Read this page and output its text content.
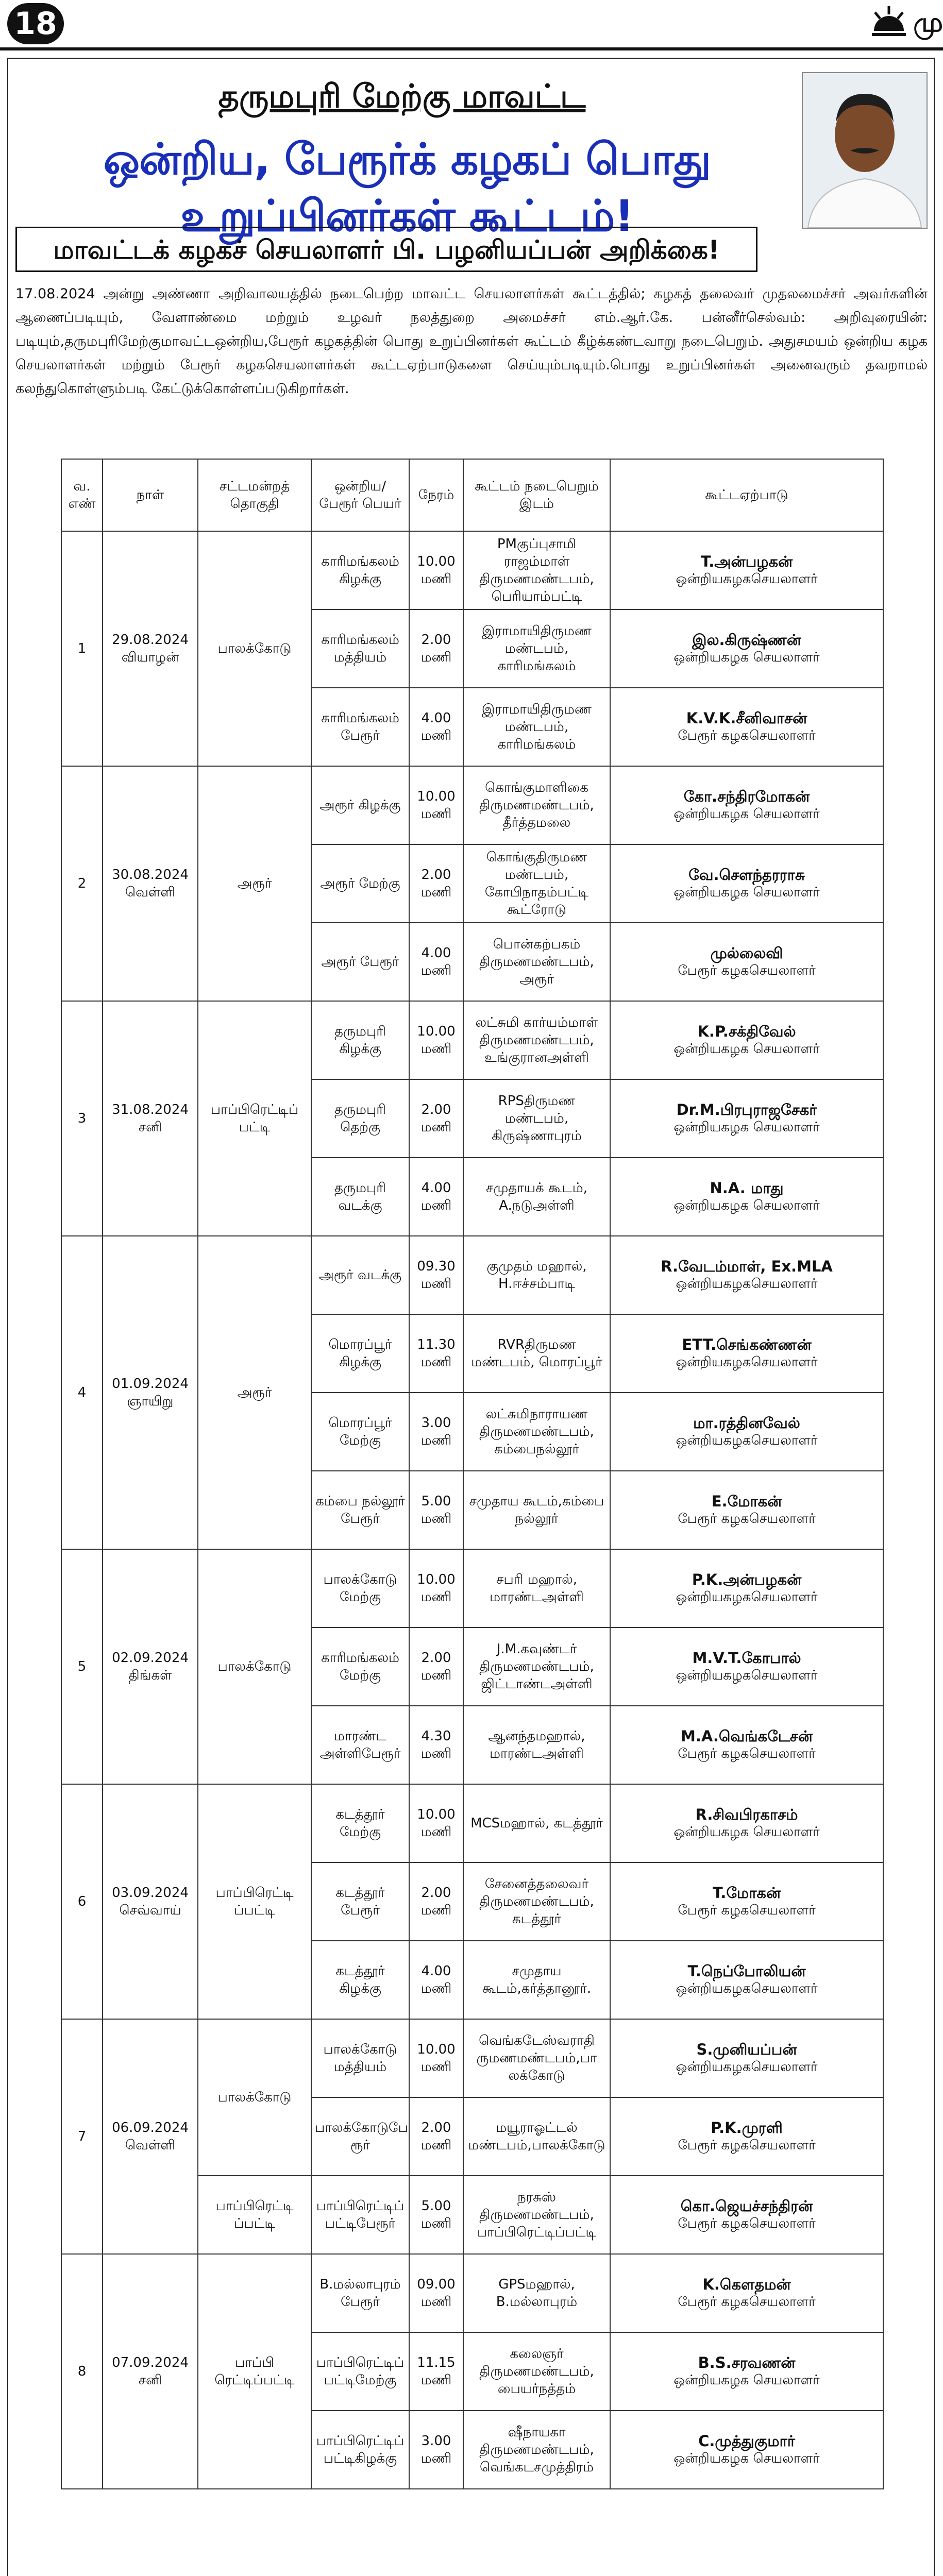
18	மு
தருமபுரி மேற்கு மாவட்ட
ஒன்றிய, பேரூர்க் கழகப் பொது உறுப்பினர்கள் கூட்டம்!
மாவட்டக் கழகச் செயலாளர் பி. பழனியப்பன் அறிக்கை!
17.08.2024 அன்று அண்ணா அறிவாலயத்தில் நடைபெற்ற மாவட்ட செயலாளர்கள் கூட்டத்தில்; கழகத் தலைவர் முதலமைச்சர் அவர்களின் ஆணைப்படியும், வேளாண்மை மற்றும் உழவர் நலத்துறை அமைச்சர் எம்.ஆர்.கே. பன்னீர்செல்வம்: அறிவுரையின்: படியும்,தருமபுரிமேற்குமாவட்டஒன்றிய,பேரூர் கழகத்தின் பொது உறுப்பினர்கள் கூட்டம் கீழ்க்கண்டவாறு நடைபெறும். அதுசமயம் ஒன்றிய கழக செயலாளர்கள் மற்றும் பேரூர் கழகசெயலாளர்கள் கூட்டஏற்பாடுகளை செய்யும்படியும்.பொது உறுப்பினர்கள் அனைவரும் தவறாமல் கலந்துகொள்ளும்படி கேட்டுக்கொள்ளப்படுகிறார்கள்.
வ. எண்	நாள்	சட்டமன்றத் தொகுதி	ஒன்றிய/ பேரூர் பெயர்	நேரம்	கூட்டம் நடைபெறும் இடம்	கூட்டஏற்பாடு
1	29.08.2024 வியாழன்	பாலக்கோடு	காரிமங்கலம் கிழக்கு	10.00 மணி	PMகுப்புசாமி ராஜம்மாள் திருமணமண்டபம், பெரியாம்பட்டி	T.அன்பழகன்
ஒன்றியகழகசெயலாளர்
			காரிமங்கலம் மத்தியம்	2.00 மணி	இராமாயிதிருமண மண்டபம், காரிமங்கலம்	இல.கிருஷ்ணன்
ஒன்றியகழக செயலாளர்
			காரிமங்கலம் பேரூர்	4.00 மணி	இராமாயிதிருமண மண்டபம், காரிமங்கலம்	K.V.K.சீனிவாசன்
பேரூர் கழகசெயலாளர்
2	30.08.2024 வெள்ளி	அரூர்	அரூர் கிழக்கு	10.00 மணி	கொங்குமாளிகை திருமணமண்டபம், தீர்த்தமலை	கோ.சந்திரமோகன்
ஒன்றியகழக செயலாளர்
			அரூர் மேற்கு	2.00 மணி	கொங்குதிருமண மண்டபம், கோபிநாதம்பட்டி கூட்ரோடு	வே.சௌந்தரராசு
ஒன்றியகழக செயலாளர்
			அரூர் பேரூர்	4.00 மணி	பொன்கற்பகம் திருமணமண்டபம், அரூர்	முல்லைவி
பேரூர் கழகசெயலாளர்
3	31.08.2024 சனி	பாப்பிரெட்டிப் பட்டி	தருமபுரி கிழக்கு	10.00 மணி	லட்சுமி கார்யம்மாள் திருமணமண்டபம், உங்குரானஅள்ளி	K.P.சக்திவேல்
ஒன்றியகழக செயலாளர்
			தருமபுரி தெற்கு	2.00 மணி	RPSதிருமண மண்டபம், கிருஷ்ணாபுரம்	Dr.M.பிரபுராஜசேகர்
ஒன்றியகழக செயலாளர்
			தருமபுரி வடக்கு	4.00 மணி	சமுதாயக் கூடம், A.நடுஅள்ளி	N.A. மாது
ஒன்றியகழக செயலாளர்
4	01.09.2024 ஞாயிறு	அரூர்	அரூர் வடக்கு	09.30 மணி	குமுதம் மஹால், H.ஈச்சம்பாடி	R.வேடம்மாள், Ex.MLA
ஒன்றியகழகசெயலாளர்
			மொரப்பூர் கிழக்கு	11.30 மணி	RVRதிருமண மண்டபம், மொரப்பூர்	ETT.செங்கண்ணன்
ஒன்றியகழகசெயலாளர்
			மொரப்பூர் மேற்கு	3.00 மணி	லட்சுமிநாராயண திருமணமண்டபம், கம்பைநல்லூர்	மா.ரத்தினவேல்
ஒன்றியகழகசெயலாளர்
			கம்பை நல்லூர் பேரூர்	5.00 மணி	சமுதாய கூடம்,கம்பை நல்லூர்	E.மோகன்
பேரூர் கழகசெயலாளர்
5	02.09.2024 திங்கள்	பாலக்கோடு	பாலக்கோடு மேற்கு	10.00 மணி	சபரி மஹால், மாரண்டஅள்ளி	P.K.அன்பழகன்
ஒன்றியகழகசெயலாளர்
			காரிமங்கலம் மேற்கு	2.00 மணி	J.M.கவுண்டர் திருமணமண்டபம், ஜிட்டாண்டஅள்ளி	M.V.T.கோபால்
ஒன்றியகழகசெயலாளர்
			மாரண்ட அள்ளிபேரூர்	4.30 மணி	ஆனந்தமஹால், மாரண்டஅள்ளி	M.A.வெங்கடேசன்
பேரூர் கழகசெயலாளர்
6	03.09.2024 செவ்வாய்	பாப்பிரெட்டி ப்பட்டி	கடத்தூர் மேற்கு	10.00 மணி	MCSமஹால், கடத்தூர்	R.சிவபிரகாசம்
ஒன்றியகழக செயலாளர்
			கடத்தூர் பேரூர்	2.00 மணி	சேனைத்தலைவர் திருமணமண்டபம், கடத்தூர்	T.மோகன்
பேரூர் கழகசெயலாளர்
			கடத்தூர் கிழக்கு	4.00 மணி	சமுதாய கூடம்,கர்த்தானூர்.	T.நெப்போலியன்
ஒன்றியகழகசெயலாளர்
7	06.09.2024 வெள்ளி	பாலக்கோடு	பாலக்கோடு மத்தியம்	10.00 மணி	வெங்கடேஸ்வராதி ருமணமண்டபம்,பா லக்கோடு	S.முனியப்பன்
ஒன்றியகழகசெயலாளர்
			பாலக்கோடுபே ரூர்	2.00 மணி	மயூராஓட்டல் மண்டபம்,பாலக்கோடு	P.K.முரளி
பேரூர் கழகசெயலாளர்
		பாப்பிரெட்டி ப்பட்டி	பாப்பிரெட்டிப் பட்டிபேரூர்	5.00 மணி	நரசுஸ் திருமணமண்டபம், பாப்பிரெட்டிப்பட்டி	கொ.ஜெயச்சந்திரன்
பேரூர் கழகசெயலாளர்
8	07.09.2024 சனி	பாப்பி ரெட்டிப்பட்டி	B.மல்லாபுரம் பேரூர்	09.00 மணி	GPSமஹால், B.மல்லாபுரம்	K.கௌதமன்
பேரூர் கழகசெயலாளர்
			பாப்பிரெட்டிப் பட்டிமேற்கு	11.15 மணி	கலைஞர் திருமணமண்டபம், பையர்நத்தம்	B.S.சரவணன்
ஒன்றியகழக செயலாளர்
			பாப்பிரெட்டிப் பட்டிகிழக்கு	3.00 மணி	ஷீநாயகா திருமணமண்டபம், வெங்கடசமுத்திரம்	C.முத்துகுமார்
ஒன்றியகழக செயலாளர்
